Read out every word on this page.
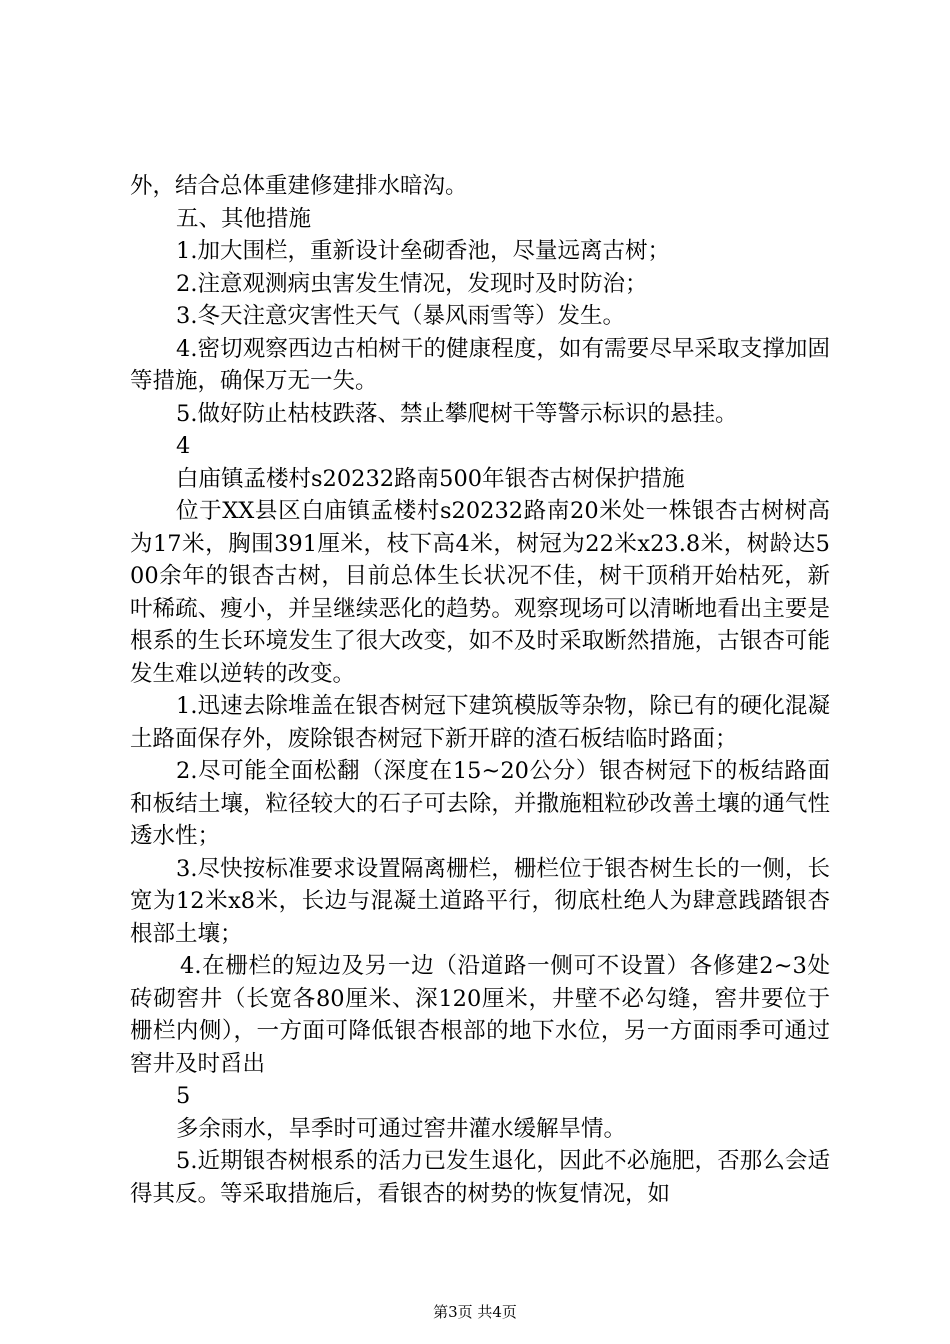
外，结合总体重建修建排水暗沟。

五、其他措施

1.加大围栏，重新设计垒砌香池，尽量远离古树；

2.注意观测病虫害发生情况，发现时及时防治；

3.冬天注意灾害性天气（暴风雨雪等）发生。

4.密切观察西边古柏树干的健康程度，如有需要尽早采取支撑加固等措施，确保万无一失。

5.做好防止枯枝跌落、禁止攀爬树干等警示标识的悬挂。

4

白庙镇孟楼村s20232路南500年银杏古树保护措施

位于XX县区白庙镇孟楼村s20232路南20米处一株银杏古树树高为17米，胸围391厘米，枝下高4米，树冠为22米x23.8米，树龄达500余年的银杏古树，目前总体生长状况不佳，树干顶稍开始枯死，新叶稀疏、瘦小，并呈继续恶化的趋势。观察现场可以清晰地看出主要是根系的生长环境发生了很大改变，如不及时采取断然措施，古银杏可能发生难以逆转的改变。

1.迅速去除堆盖在银杏树冠下建筑模版等杂物，除已有的硬化混凝土路面保存外，废除银杏树冠下新开辟的渣石板结临时路面；

2.尽可能全面松翻（深度在15~20公分）银杏树冠下的板结路面和板结土壤，粒径较大的石子可去除，并撒施粗粒砂改善土壤的通气性透水性；

3.尽快按标准要求设置隔离栅栏，栅栏位于银杏树生长的一侧，长宽为12米x8米，长边与混凝土道路平行，彻底杜绝人为肆意践踏银杏根部土壤；

4.在栅栏的短边及另一边（沿道路一侧可不设置）各修建2~3处砖砌窖井（长宽各80厘米、深120厘米，井壁不必勾缝，窖井要位于栅栏内侧），一方面可降低银杏根部的地下水位，另一方面雨季可通过窖井及时舀出

5

多余雨水，旱季时可通过窖井灌水缓解旱情。

5.近期银杏树根系的活力已发生退化，因此不必施肥，否那么会适得其反。等采取措施后，看银杏的树势的恢复情况，如

第3页 共4页
